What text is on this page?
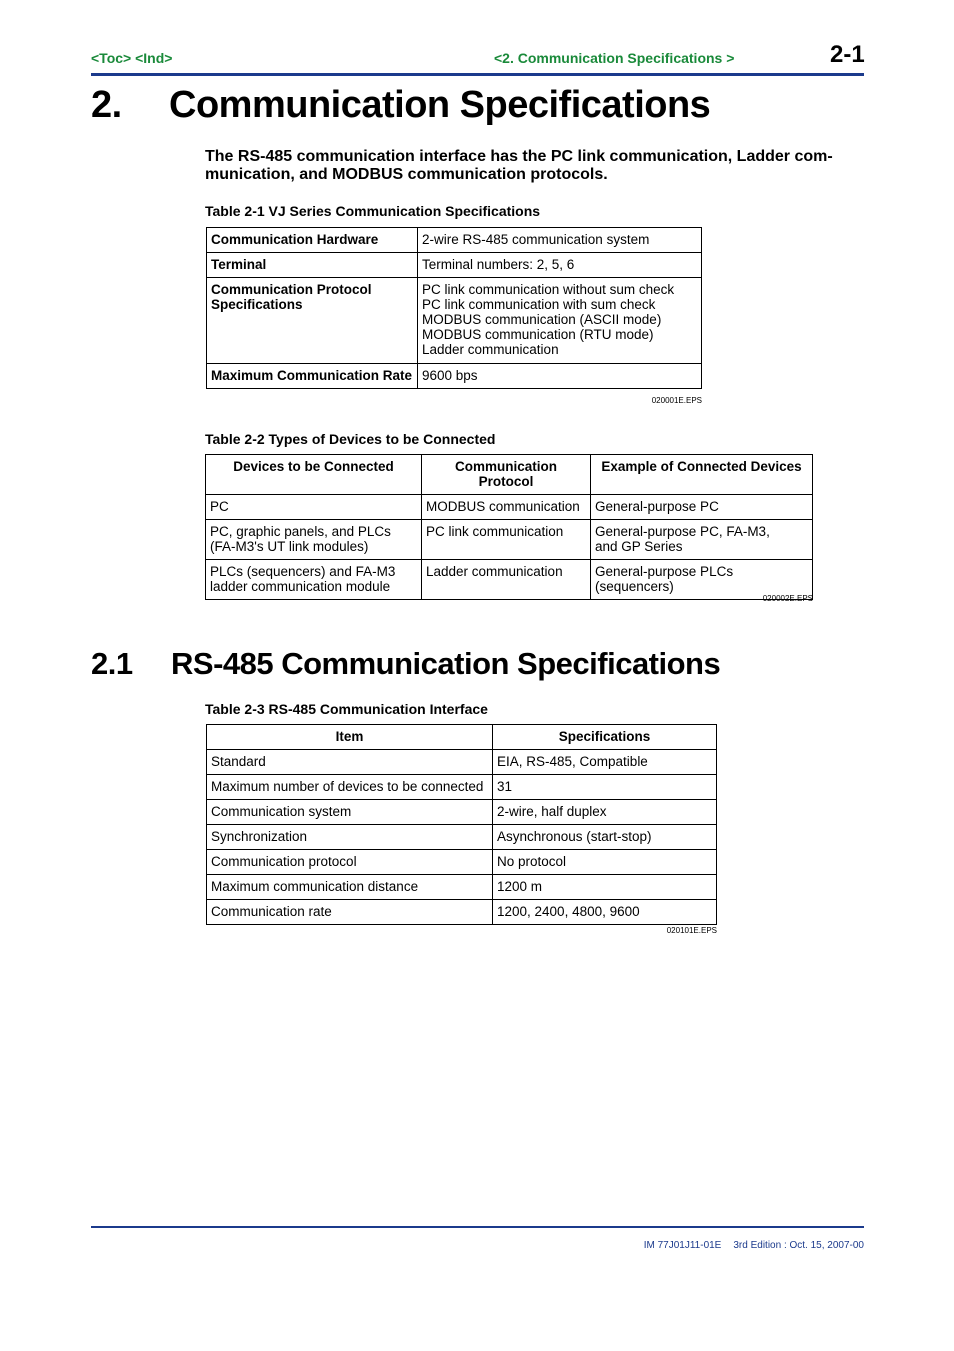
<Toc> <Ind>	<2. Communication Specifications >	2-1
2. Communication Specifications
The RS-485 communication interface has the PC link communication, Ladder com-
munication, and MODBUS communication protocols.
Table 2-1 VJ Series Communication Specifications
Communication Hardware	2-wire RS-485 communication system
Terminal	Terminal numbers: 2, 5, 6

Communication Protocol
Specifications	PC link communication without sum check
PC link communication with sum check
MODBUS communication (ASCII mode)
MODBUS communication (RTU mode)
Ladder communication

Maximum Communication Rate	9600 bps
020001E.EPS
Table 2-2 Types of Devices to be Connected
Devices to be Connected	Communication Protocol	Example of Connected Devices
PC	MODBUS communication	General-purpose PC

PC, graphic panels, and PLCs
(FA-M3's UT link modules)	PC link communication	General-purpose PC, FA-M3,
and GP Series

PLCs (sequencers) and FA-M3
ladder communication module	Ladder communication	General-purpose PLCs
(sequencers)
020002E.EPS
2.1 RS-485 Communication Specifications
Table 2-3 RS-485 Communication Interface
Item	Specifications
Standard	EIA, RS-485, Compatible
Maximum number of devices to be connected	31
Communication system	2-wire, half duplex
Synchronization	Asynchronous (start-stop)
Communication protocol	No protocol
Maximum communication distance	1200 m
Communication rate	1200, 2400, 4800, 9600
020101E.EPS
IM 77J01J11-01E 3rd Edition : Oct. 15, 2007-00
